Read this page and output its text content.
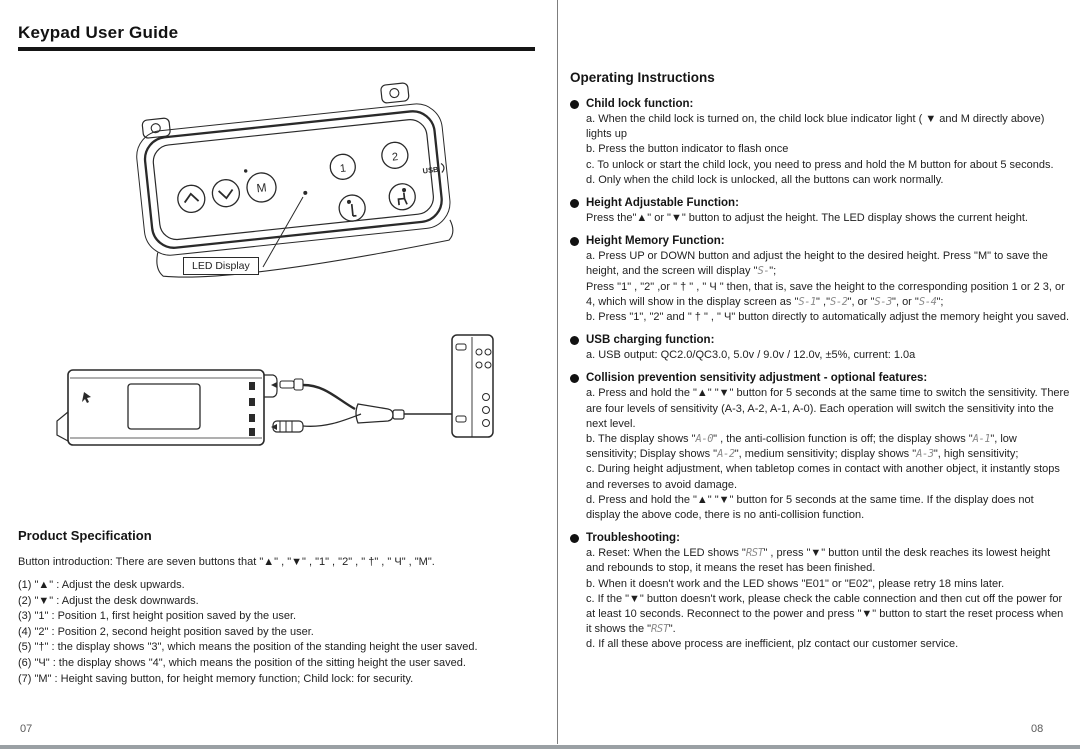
Keypad User Guide
M
1
2
USB
LED Display
Product Specification

Button introduction: There are seven buttons that "▲" , "▼" , "1" , "2" , " †" , " Ч" , "M".

(1) "▲" : Adjust the desk upwards.
(2) "▼" : Adjust the desk downwards.
(3) "1" : Position 1, first height position saved by the user.
(4) "2" : Position 2, second height position saved by the user.
(5) "†" : the display shows "3", which means the position of the standing height the user saved.
(6) "Ч" : the display shows "4", which means the position of the sitting height the user saved.
(7) "M" : Height saving button, for height memory function; Child lock: for security.
07
Operating Instructions
Child lock function:
a. When the child lock is turned on, the child lock blue indicator light ( ▼ and M directly above) lights up
b. Press the button indicator to flash once
c. To unlock or start the child lock, you need to press and hold the M button for about 5 seconds.
d. Only when the child lock is unlocked, all the buttons can work normally.
Height Adjustable Function:
Press the"▲" or "▼" button to adjust the height. The LED display shows the current height.
Height Memory Function:
a. Press UP or DOWN button and adjust the height to the desired height. Press "M" to save the height, and the screen will display "S-";
Press "1" , "2" ,or " † " , " Ч " then, that is, save the height to the corresponding position 1 or 2 3, or 4, which will show in the display screen as "S-1" ,"S-2", or "S-3", or "S-4";
b. Press "1", "2" and " † " , " Ч" button directly to automatically adjust the memory height you saved.
USB charging function:
a. USB output: QC2.0/QC3.0, 5.0v / 9.0v / 12.0v, ±5%, current: 1.0a
Collision prevention sensitivity adjustment - optional features:
a. Press and hold the "▲" "▼" button for 5 seconds at the same time to switch the sensitivity. There are four levels of sensitivity (A-3, A-2, A-1, A-0). Each operation will switch the sensitivity into the next level.
b. The display shows "A-0" , the anti-collision function is off; the display shows "A-1", low sensitivity; Display shows "A-2", medium sensitivity; display shows "A-3", high sensitivity;
c. During height adjustment, when tabletop comes in contact with another object, it instantly stops and reverses to avoid damage.
d. Press and hold the "▲" "▼" button for 5 seconds at the same time. If the display does not display the above code, there is no anti-collision function.
Troubleshooting:
a. Reset: When the LED shows "RST" , press "▼" button until the desk reaches its lowest height and rebounds to stop, it means the reset has been finished.
b. When it doesn't work and the LED shows "E01" or "E02", please retry 18 mins later.
c. If the "▼" button doesn't work, please check the cable connection and then cut off the power for at least 10 seconds. Reconnect to the power and press "▼" button to start the reset process when it shows the "RST".
d. If all these above process are inefficient, plz contact our customer service.
08
